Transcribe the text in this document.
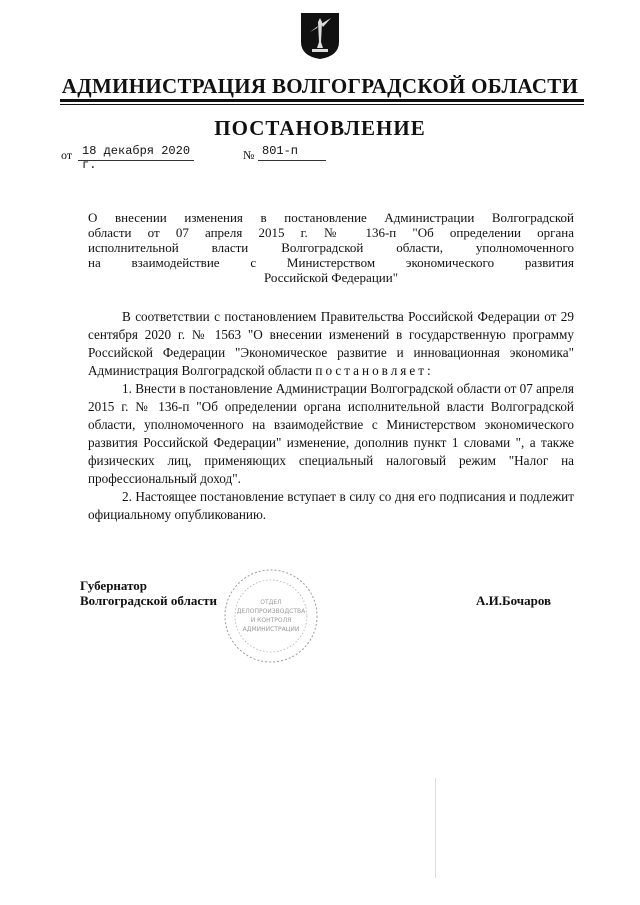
АДМИНИСТРАЦИЯ ВОЛГОГРАДСКОЙ ОБЛАСТИ
ПОСТАНОВЛЕНИЕ
от 18 декабря 2020 г.
№ 801-п
О внесении изменения в постановление Администрации Волгоградской
области от 07 апреля 2015 г. № 136-п "Об определении органа
исполнительной власти Волгоградской области, уполномоченного
на взаимодействие с Министерством экономического развития
Российской Федерации"

В соответствии с постановлением Правительства Российской Федерации от 29 сентября 2020 г. № 1563 "О внесении изменений в государственную программу Российской Федерации "Экономическое развитие и инновационная экономика" Администрация Волгоградской области постановляет:

1. Внести в постановление Администрации Волгоградской области от 07 апреля 2015 г. № 136-п "Об определении органа исполнительной власти Волгоградской области, уполномоченного на взаимодействие с Министерством экономического развития Российской Федерации" изменение, дополнив пункт 1 словами ", а также физических лиц, применяющих специальный налоговый режим "Налог на профессиональный доход".

2. Настоящее постановление вступает в силу со дня его подписания и подлежит официальному опубликованию.

Губернатор
Волгоградской области	ОТДЕЛ
ДЕЛОПРОИЗВОДСТВА
И КОНТРОЛЯ
АДМИНИСТРАЦИИ
А.И.Бочаров
